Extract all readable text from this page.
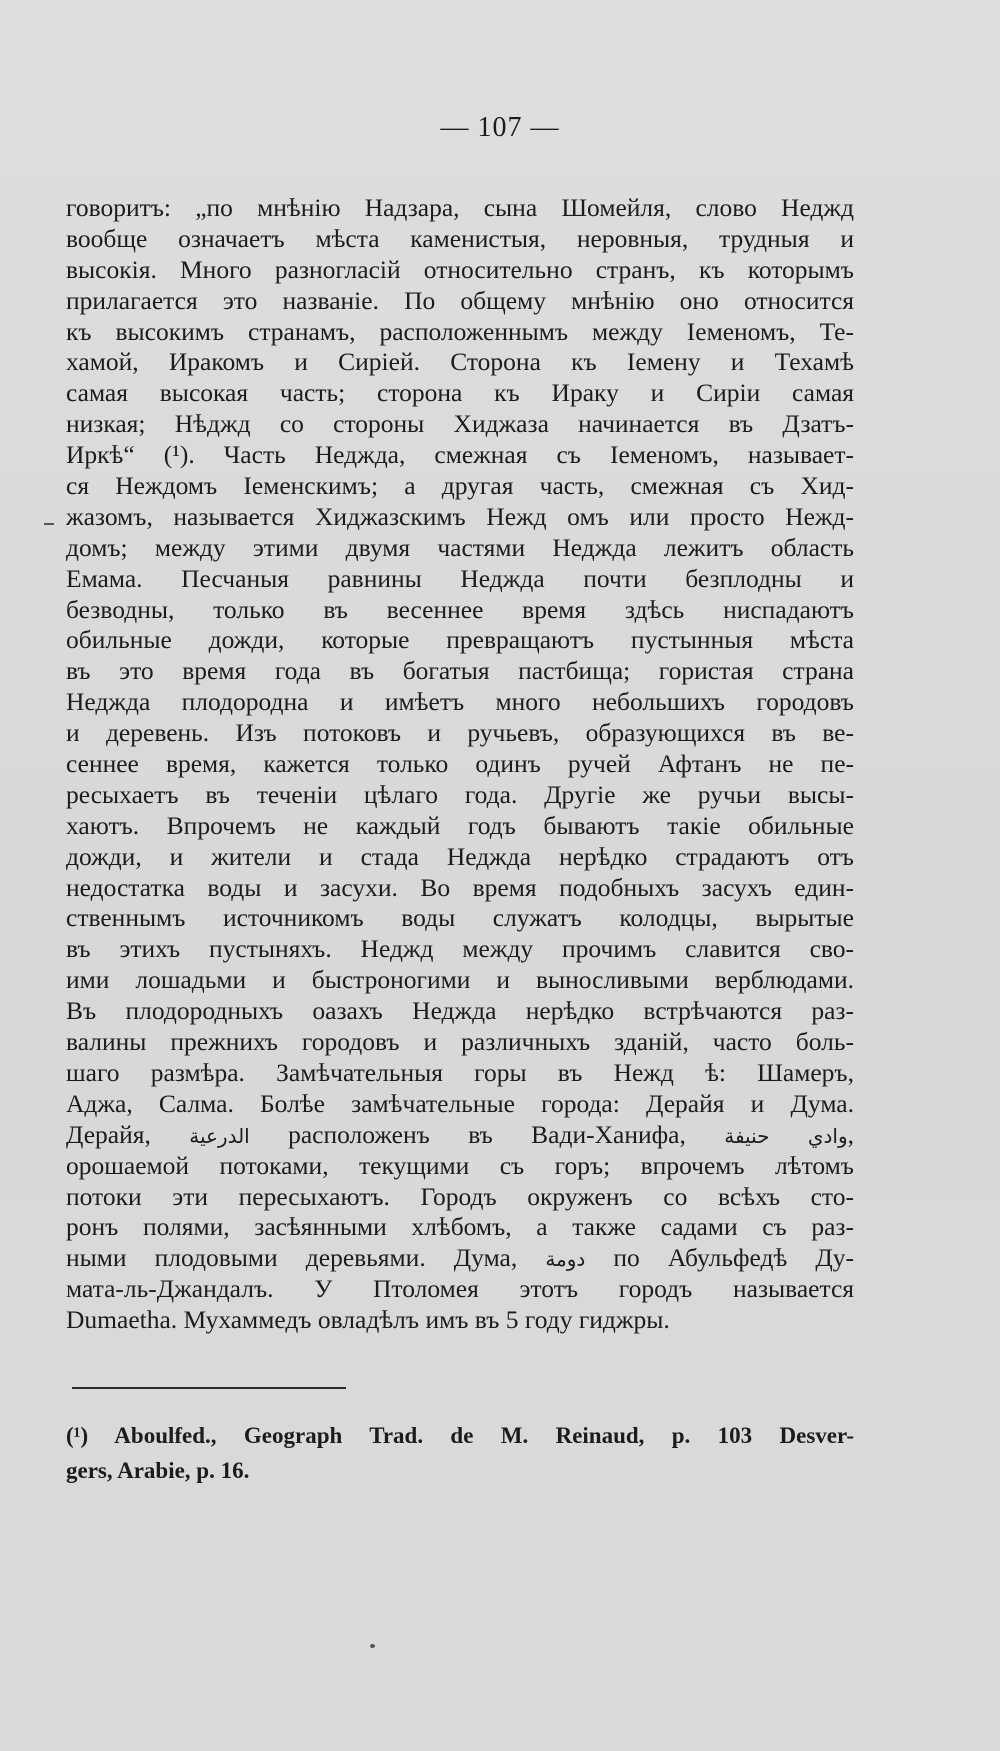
— 107 —
говоритъ: „по мнѣнію Надзара, сына Шомейля, слово Неджд
вообще означаетъ мѣста каменистыя, неровныя, трудныя и
высокія. Много разногласій относительно странъ, къ которымъ
прилагается это названіе. По общему мнѣнію оно относится
къ высокимъ странамъ, расположеннымъ между Іеменомъ, Те-
хамой, Иракомъ и Сиріей. Сторона къ Іемену и Техамѣ
самая высокая часть; сторона къ Ираку и Сиріи самая
низкая; Нѣджд со стороны Хиджаза начинается въ Дзатъ-
Иркѣ“ (¹). Часть Неджда, смежная съ Іеменомъ, называет-
ся Неждомъ Іеменскимъ; а другая часть, смежная съ Хид-
жазомъ, называется Хиджазскимъ Нежд омъ или просто Нежд-
домъ; между этими двумя частями Неджда лежитъ область
Емама. Песчаныя равнины Неджда почти безплодны и
безводны, только въ весеннее время здѣсь ниспадаютъ
обильные дожди, которые превращаютъ пустынныя мѣста
въ это время года въ богатыя пастбища; гористая страна
Неджда плодородна и имѣетъ много небольшихъ городовъ
и деревень. Изъ потоковъ и ручьевъ, образующихся въ ве-
сеннее время, кажется только одинъ ручей Афтанъ не пе-
ресыхаетъ въ теченіи цѣлаго года. Другіе же ручьи высы-
хаютъ. Впрочемъ не каждый годъ бываютъ такіе обильные
дожди, и жители и стада Неджда нерѣдко страдаютъ отъ
недостатка воды и засухи. Во время подобныхъ засухъ един-
ственнымъ источникомъ воды служатъ колодцы, вырытые
въ этихъ пустыняхъ. Неджд между прочимъ славится сво-
ими лошадьми и быстроногими и выносливыми верблюдами.
Въ плодородныхъ оазахъ Неджда нерѣдко встрѣчаются раз-
валины прежнихъ городовъ и различныхъ зданій, часто боль-
шаго размѣра. Замѣчательныя горы въ Нежд ѣ: Шамеръ,
Аджа, Салма. Болѣе замѣчательные города: Дерайя и Дума.
Дерайя, الدرعية расположенъ въ Вади-Ханифа, وادي حنيفة,
орошаемой потоками, текущими съ горъ; впрочемъ лѣтомъ
потоки эти пересыхаютъ. Городъ окруженъ со всѣхъ сто-
ронъ полями, засѣянными хлѣбомъ, а также садами съ раз-
ными плодовыми деревьями. Дума, دومة по Абульфедѣ Ду-
мата-ль-Джандалъ. У Птоломея этотъ городъ называется
Dumaetha. Мухаммедъ овладѣлъ имъ въ 5 году гиджры.
(¹) Aboulfed., Geograph Trad. de M. Reinaud, p. 103 Desver-
gers, Arabie, p. 16.
